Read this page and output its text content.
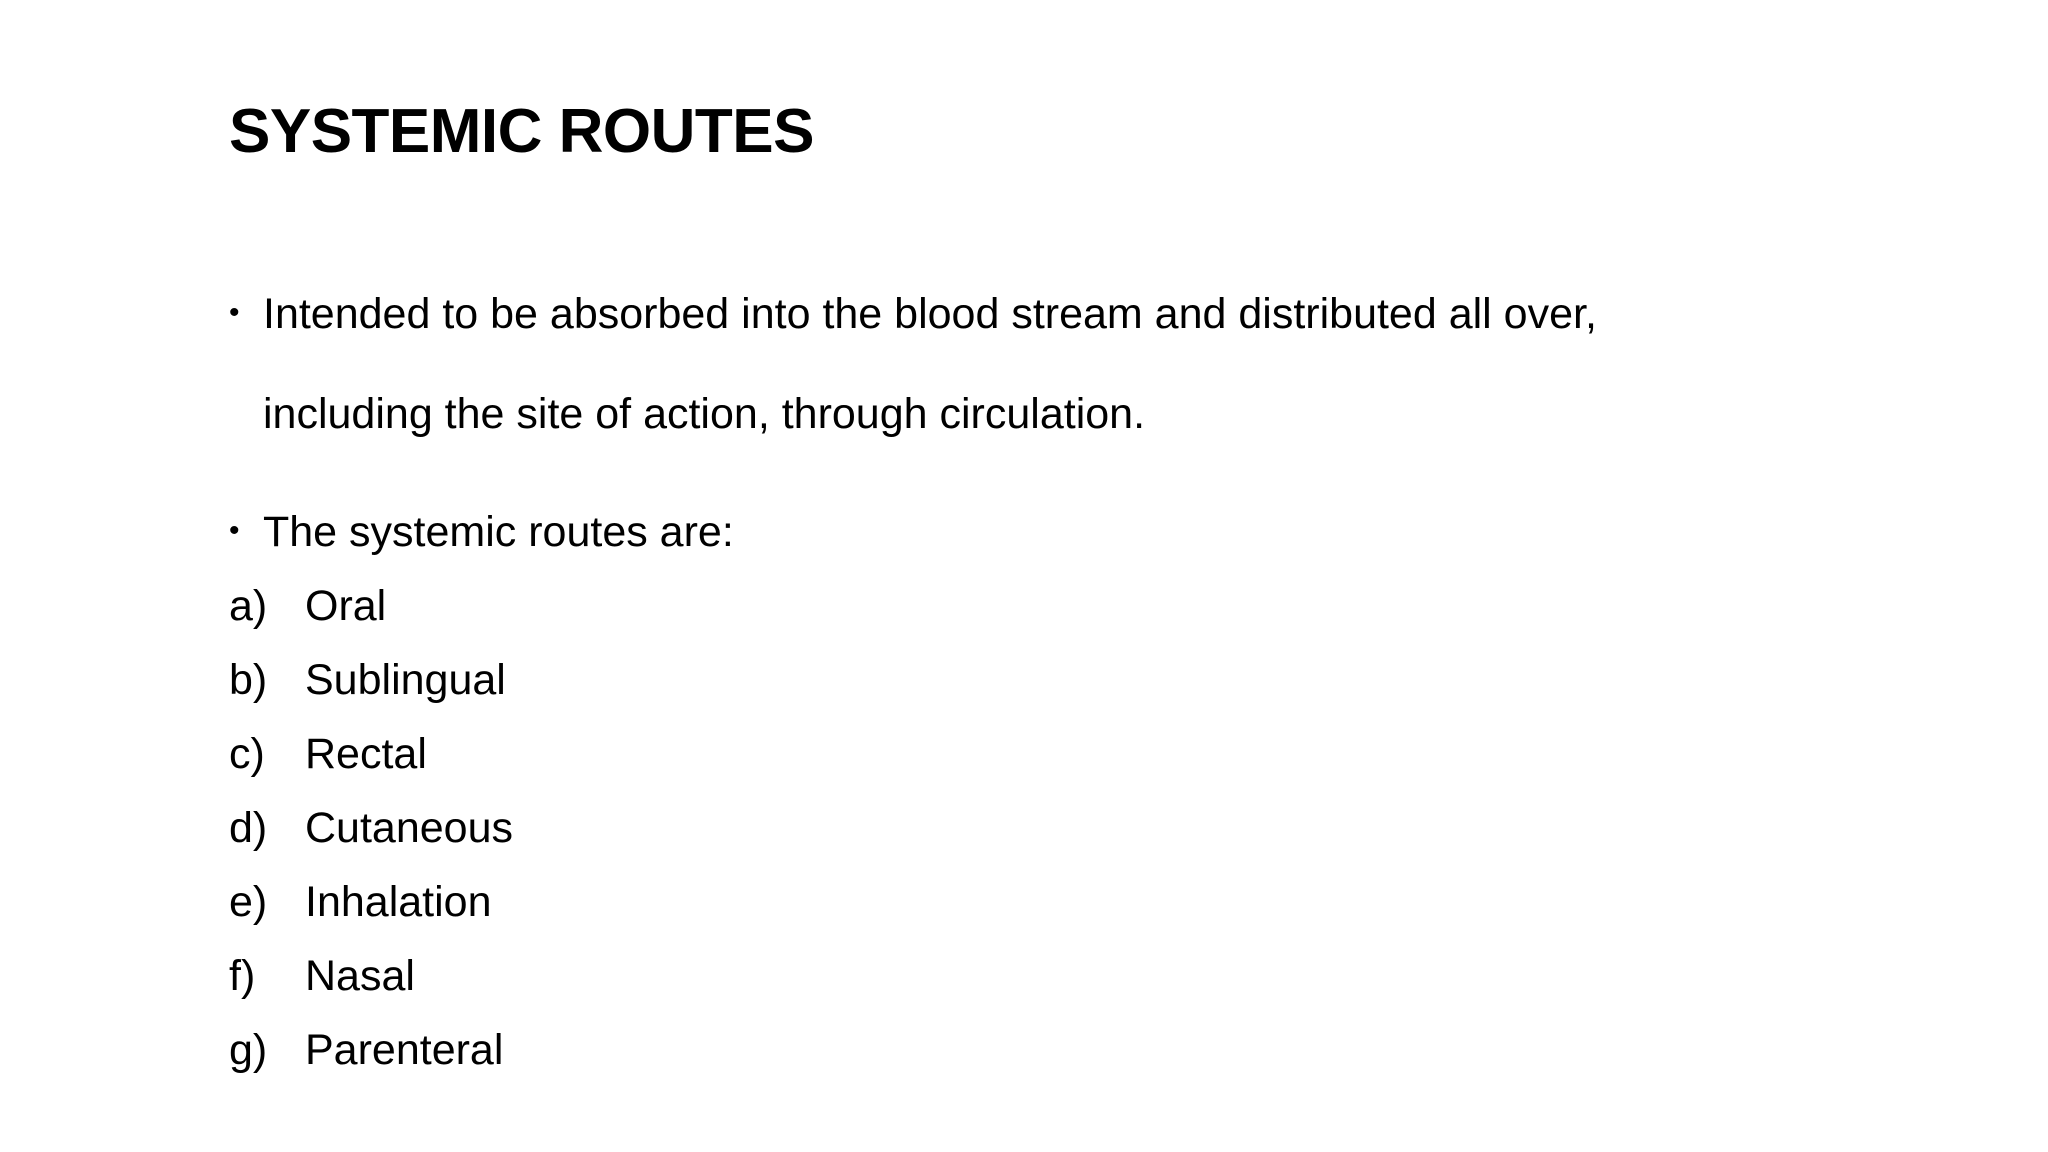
SYSTEMIC ROUTES
• Intended to be absorbed into the blood stream and distributed all over,
including the site of action, through circulation.
• The systemic routes are:
a) Oral
b) Sublingual
c) Rectal
d) Cutaneous
e) Inhalation
f)	Nasal
g) Parenteral
